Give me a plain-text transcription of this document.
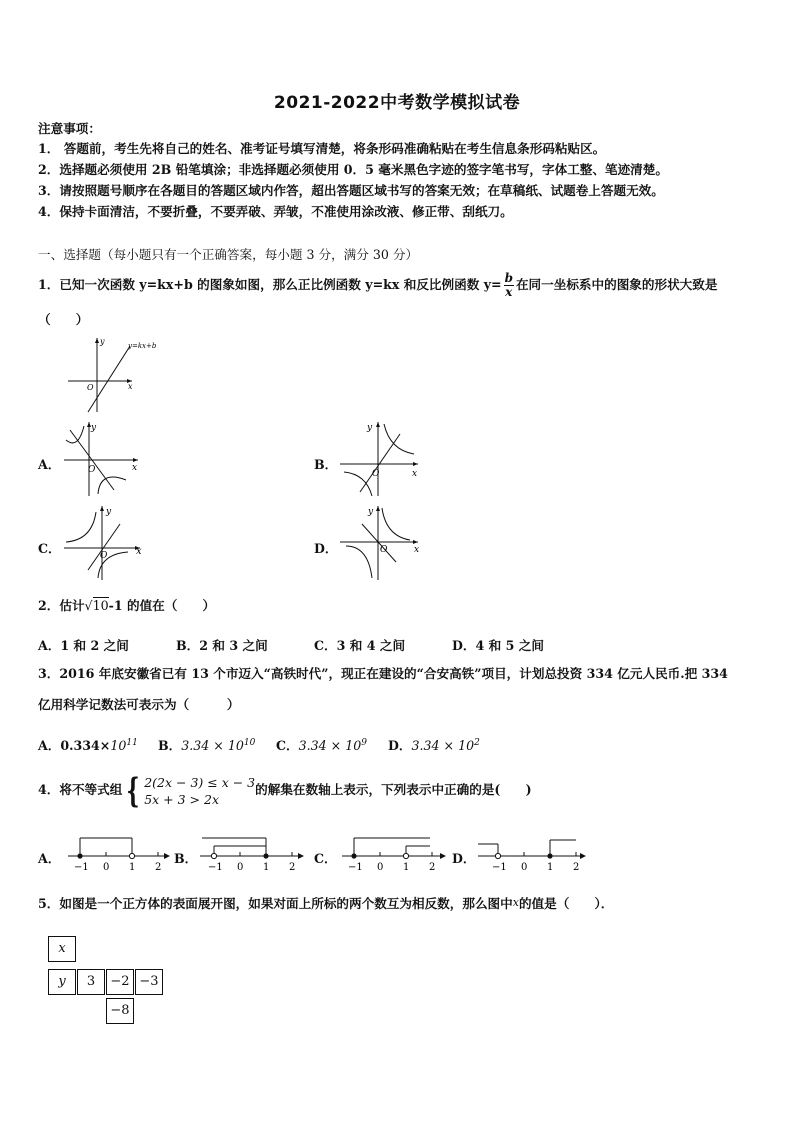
2021-2022中考数学模拟试卷
注意事项：
1． 答题前，考生先将自己的姓名、准考证号填写清楚，将条形码准确粘贴在考生信息条形码粘贴区。
2．选择题必须使用 2B 铅笔填涂；非选择题必须使用 0．5 毫米黑色字迹的签字笔书写，字体工整、笔迹清楚。
3．请按照题号顺序在各题目的答题区域内作答，超出答题区域书写的答案无效；在草稿纸、试题卷上答题无效。
4．保持卡面清洁，不要折叠，不要弄破、弄皱，不准使用涂改液、修正带、刮纸刀。
一、选择题（每小题只有一个正确答案，每小题 3 分，满分 30 分）
1．已知一次函数 y=kx+b 的图象如图，那么正比例函数 y=kx 和反比例函数 $y= \frac{b}{x}$ 在同一坐标系中的图象的形状大致是
（　　）
y
x
O
y=kx+b
A．
y
x
O	B．
y
x
O
C．
y
x
O	D．
y
x
O
2．估计√10-1 的值在（　　）
A．1 和 2 之间	B．2 和 3 之间	C．3 和 4 之间	D．4 和 5 之间
3．2016 年底安徽省已有 13 个市迈入“高铁时代”，现正在建设的“合安高铁”项目，计划总投资 334 亿元人民币.把 334
亿用科学记数法可表示为（　　　）
A．$0.334\times 10^{11}$ B．$3.34 \times 10^{10}$ C．$3.34 \times 10^9$ D．$3.34 \times 10^2$
4．将不等式组 { 2(2x − 3) ≤ x − 3
5x + 3 > 2x
的解集在数轴上表示，下列表示中正确的是(　　)
A．
−1 0 1 2
B．
−1 0 1 2
C．
−1 0 1 2
D．
−1 0 1 2
5．如图是一个正方体的表面展开图，如果对面上所标的两个数互为相反数，那么图中x的值是（　　）．
x
y	3	−2 −3
−8
